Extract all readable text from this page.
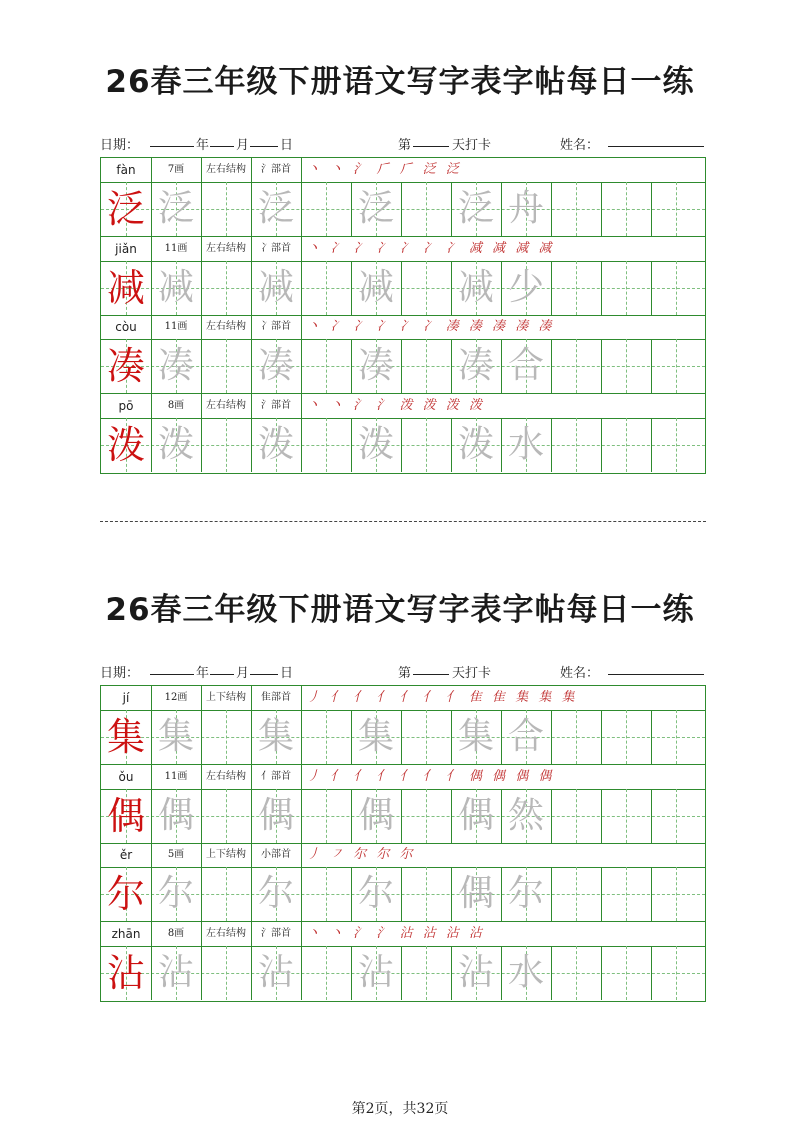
26春三年级下册语文写字表字帖每日一练
日期：	年 月 日	第	天打卡	姓名：
fàn	7画	左右结构	氵部首	丶 丶 氵 𠂆 𠂆 泛 泛
泛 泛 泛 泛 泛 舟
jiǎn	11画	左右结构	冫部首	丶 冫 冫 冫 冫 冫 冫 减 减 减 减
减 减 减 减 减 少
còu	11画	左右结构	冫部首	丶 冫 冫 冫 冫 冫 凑 凑 凑 凑 凑
凑 凑 凑 凑 凑 合
pō	8画	左右结构	氵部首	丶 丶 氵 氵 泼 泼 泼 泼
泼 泼 泼 泼 泼 水
26春三年级下册语文写字表字帖每日一练
日期：	年 月 日	第	天打卡	姓名：
jí	12画	上下结构	隹部首	丿 亻 亻 亻 亻 亻 亻 隹 隹 集 集 集
集 集 集 集 集 合
ǒu	11画	左右结构	亻部首	丿 亻 亻 亻 亻 亻 亻 偶 偶 偶 偶
偶 偶 偶 偶 偶 然
ěr	5画	上下结构	小部首	丿 ㇇ 尔 尔 尔
尔 尔 尔 尔 偶 尔
zhān	8画	左右结构	氵部首	丶 丶 氵 氵 沾 沾 沾 沾
沾 沾 沾 沾 沾 水
第2页，共32页
